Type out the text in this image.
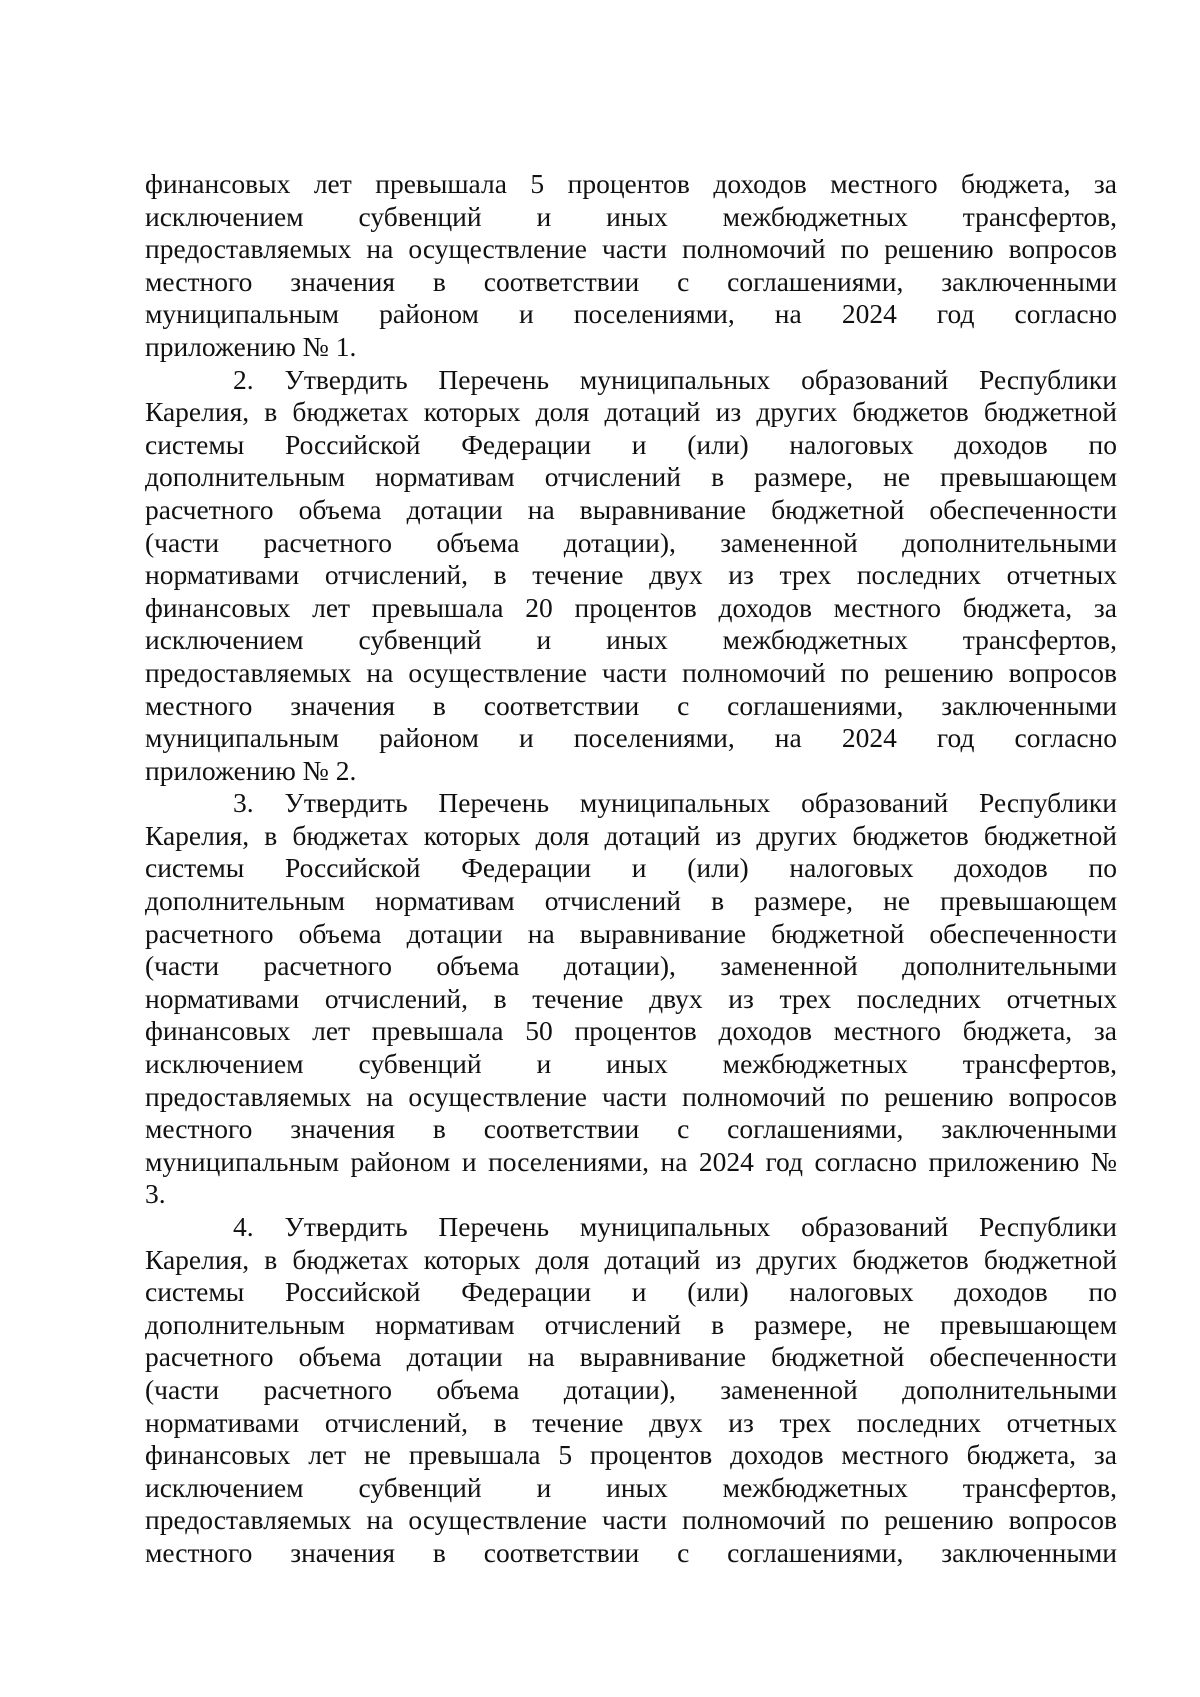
финансовых лет превышала 5 процентов доходов местного бюджета, за
исключением субвенций и иных межбюджетных трансфертов,
предоставляемых на осуществление части полномочий по решению вопросов
местного значения в соответствии с соглашениями, заключенными
муниципальным районом и поселениями, на 2024 год согласно
приложению № 1.
2. Утвердить Перечень муниципальных образований Республики
Карелия, в бюджетах которых доля дотаций из других бюджетов бюджетной
системы Российской Федерации и (или) налоговых доходов по
дополнительным нормативам отчислений в размере, не превышающем
расчетного объема дотации на выравнивание бюджетной обеспеченности
(части расчетного объема дотации), замененной дополнительными
нормативами отчислений, в течение двух из трех последних отчетных
финансовых лет превышала 20 процентов доходов местного бюджета, за
исключением субвенций и иных межбюджетных трансфертов,
предоставляемых на осуществление части полномочий по решению вопросов
местного значения в соответствии с соглашениями, заключенными
муниципальным районом и поселениями, на 2024 год согласно
приложению № 2.
3. Утвердить Перечень муниципальных образований Республики
Карелия, в бюджетах которых доля дотаций из других бюджетов бюджетной
системы Российской Федерации и (или) налоговых доходов по
дополнительным нормативам отчислений в размере, не превышающем
расчетного объема дотации на выравнивание бюджетной обеспеченности
(части расчетного объема дотации), замененной дополнительными
нормативами отчислений, в течение двух из трех последних отчетных
финансовых лет превышала 50 процентов доходов местного бюджета, за
исключением субвенций и иных межбюджетных трансфертов,
предоставляемых на осуществление части полномочий по решению вопросов
местного значения в соответствии с соглашениями, заключенными
муниципальным районом и поселениями, на 2024 год согласно приложению №
3.
4. Утвердить Перечень муниципальных образований Республики
Карелия, в бюджетах которых доля дотаций из других бюджетов бюджетной
системы Российской Федерации и (или) налоговых доходов по
дополнительным нормативам отчислений в размере, не превышающем
расчетного объема дотации на выравнивание бюджетной обеспеченности
(части расчетного объема дотации), замененной дополнительными
нормативами отчислений, в течение двух из трех последних отчетных
финансовых лет не превышала 5 процентов доходов местного бюджета, за
исключением субвенций и иных межбюджетных трансфертов,
предоставляемых на осуществление части полномочий по решению вопросов
местного значения в соответствии с соглашениями, заключенными
